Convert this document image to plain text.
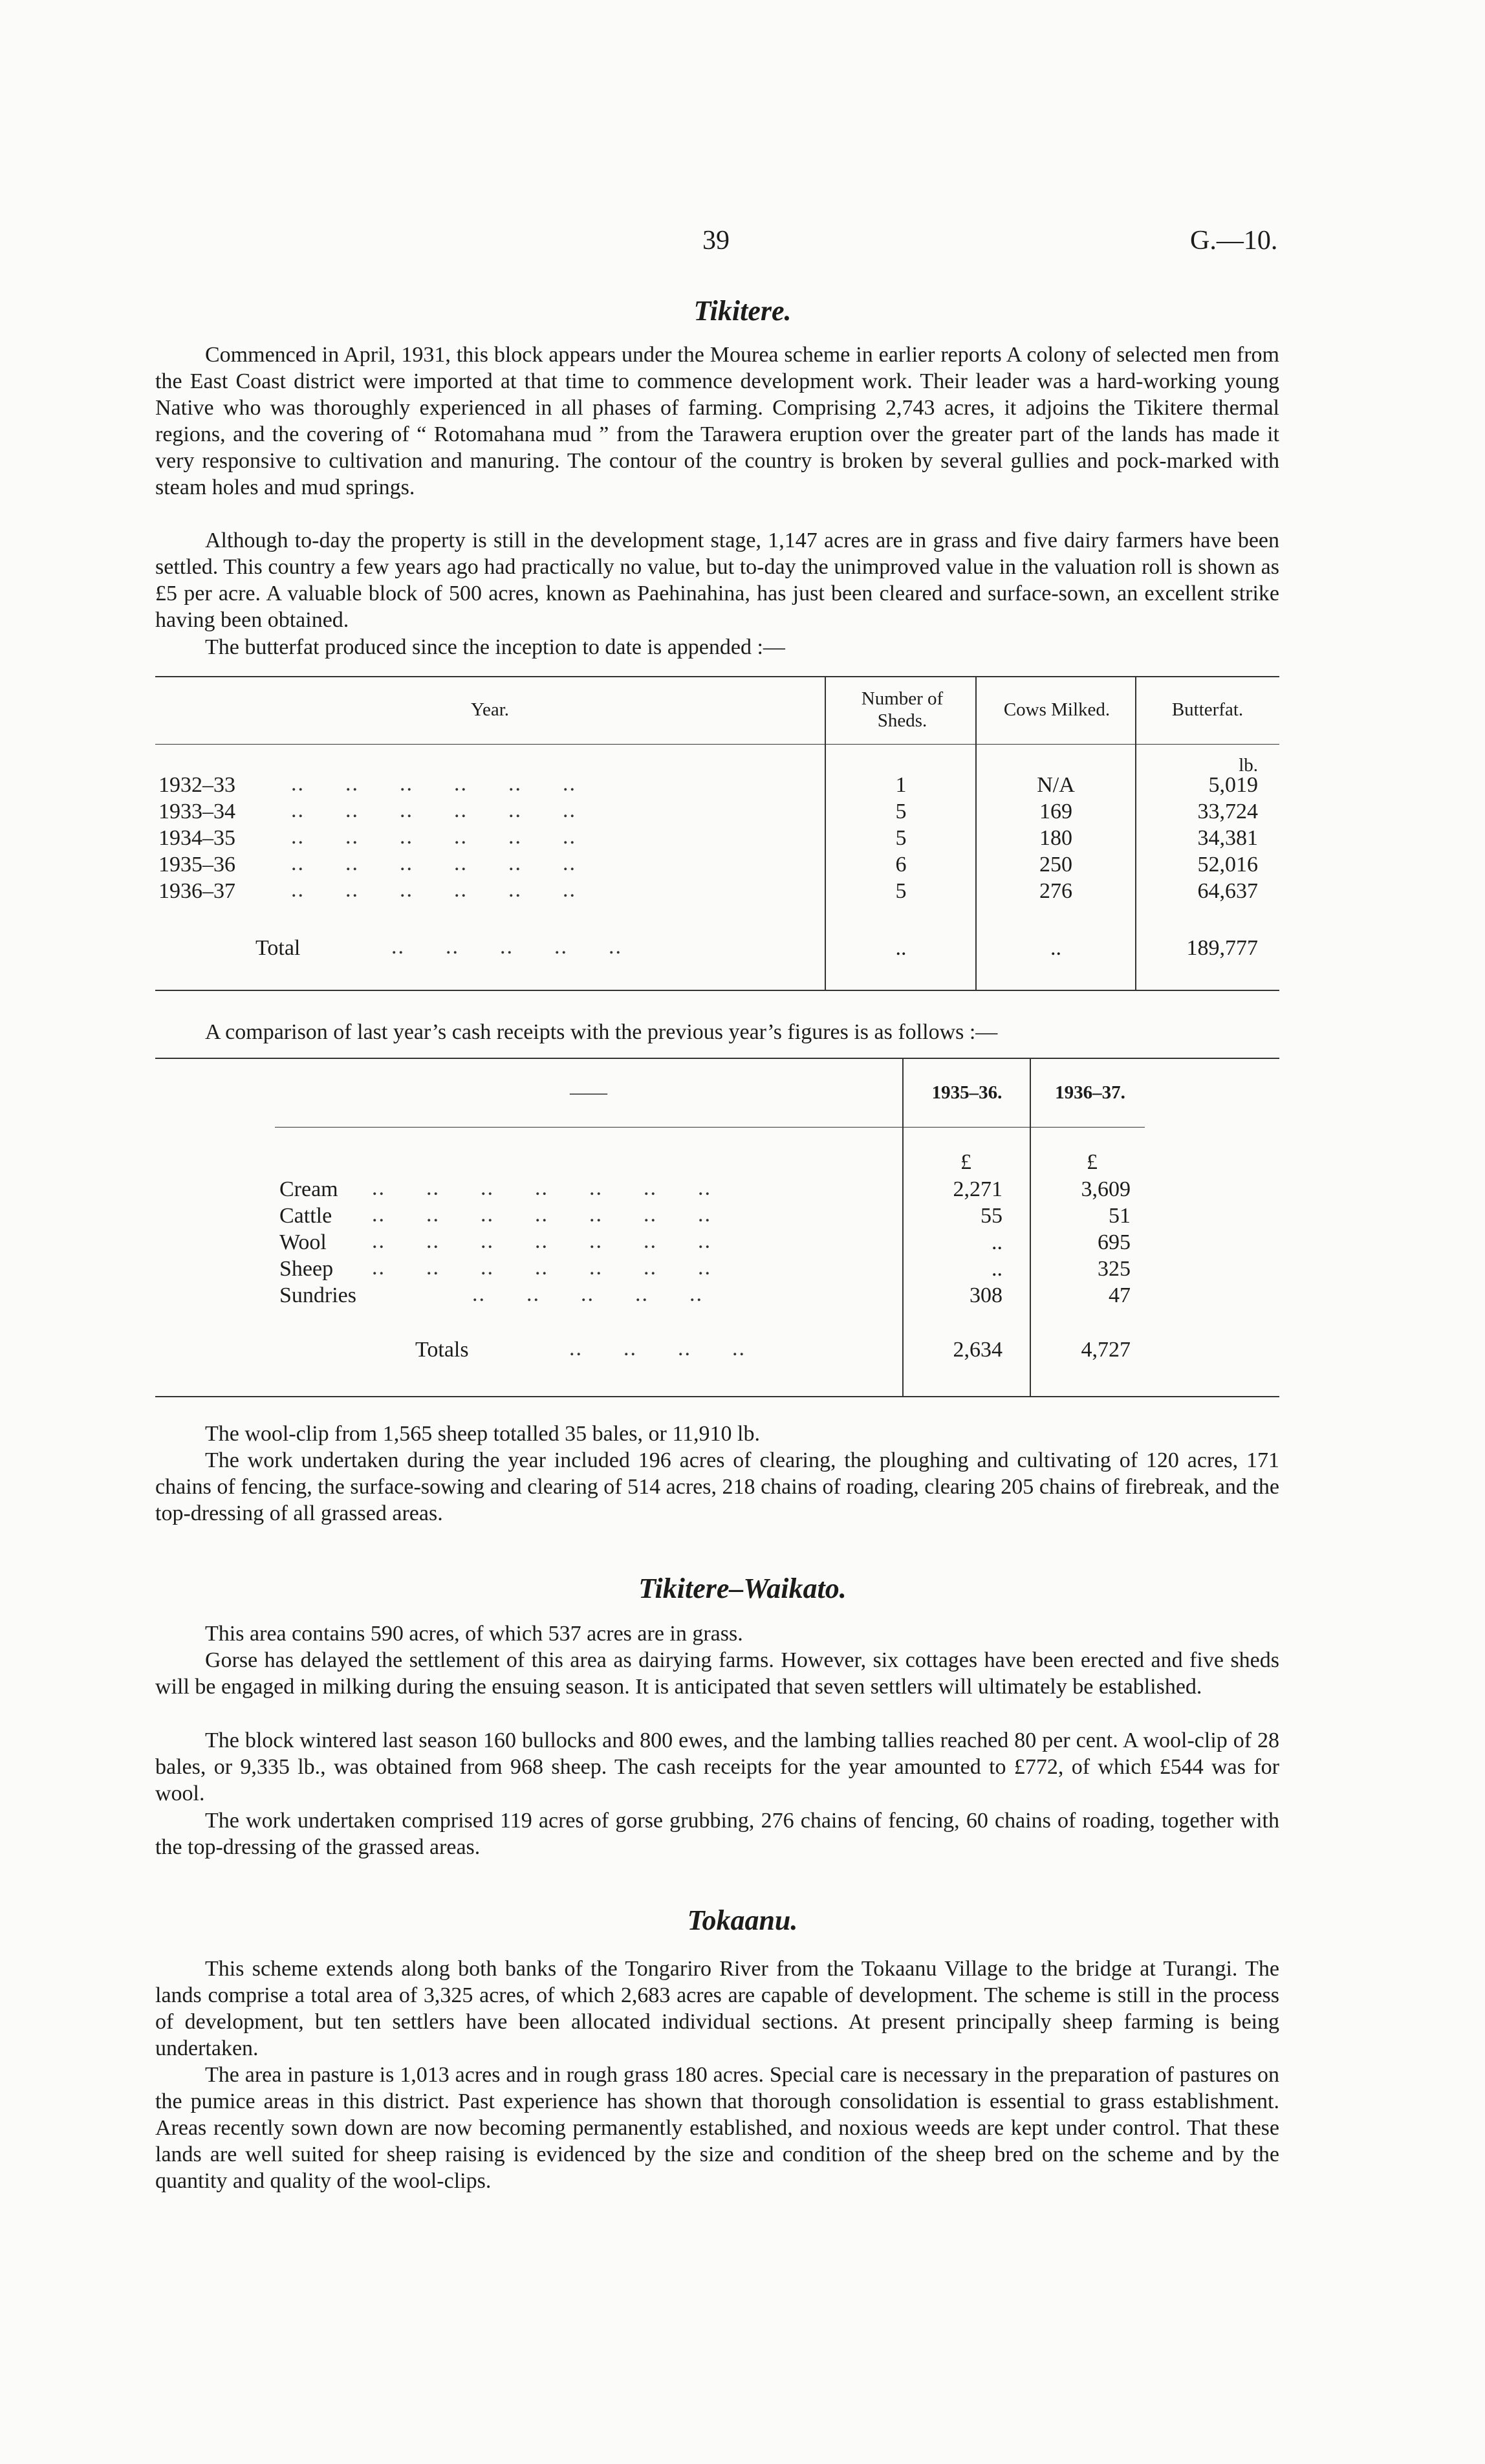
39	G.—10.
Tikitere.

Commenced in April, 1931, this block appears under the Mourea scheme in earlier reports A colony of selected men from the East Coast district were imported at that time to commence development work. Their leader was a hard-working young Native who was thoroughly experienced in all phases of farming. Comprising 2,743 acres, it adjoins the Tikitere thermal regions, and the covering of “ Rotomahana mud ” from the Tarawera eruption over the greater part of the lands has made it very responsive to cultivation and manuring. The contour of the country is broken by several gullies and pock-marked with steam holes and mud springs.

Although to-day the property is still in the development stage, 1,147 acres are in grass and five dairy farmers have been settled. This country a few years ago had practically no value, but to-day the unimproved value in the valuation roll is shown as £5 per acre. A valuable block of 500 acres, known as Paehinahina, has just been cleared and surface-sown, an excellent strike having been obtained.

The butterfat produced since the inception to date is appended :—

Year.
Number of Sheds.
Cows Milked.	Butterfat.
lb.
1932–33	..      ..      ..      ..      ..      ..	1	N/A	5,019
1933–34	..      ..      ..      ..      ..      ..	5	169	33,724
1934–35	..      ..      ..      ..      ..      ..	5	180	34,381
1935–36	..      ..      ..      ..      ..      ..	6	250	52,016
1936–37	..      ..      ..      ..      ..      ..	5	276	64,637
Total	..      ..      ..      ..      ..	..	..	189,777

A comparison of last year’s cash receipts with the previous year’s figures is as follows :—

——	1935–36.	1936–37.
£	£
Cream ..      ..      ..      ..      ..      ..      ..	2,271	3,609
Cattle ..      ..      ..      ..      ..      ..      ..	55	51
Wool ..      ..      ..      ..      ..      ..      ..	..	695
Sheep ..      ..      ..      ..      ..      ..      ..	..	325
Sundries	..      ..      ..      ..      ..	308	47
Totals	..      ..      ..      ..	2,634	4,727

The wool-clip from 1,565 sheep totalled 35 bales, or 11,910 lb.

The work undertaken during the year included 196 acres of clearing, the ploughing and cultivating of 120 acres, 171 chains of fencing, the surface-sowing and clearing of 514 acres, 218 chains of roading, clearing 205 chains of firebreak, and the top-dressing of all grassed areas.

Tikitere–Waikato.

This area contains 590 acres, of which 537 acres are in grass.

Gorse has delayed the settlement of this area as dairying farms. However, six cottages have been erected and five sheds will be engaged in milking during the ensuing season. It is anticipated that seven settlers will ultimately be established.

The block wintered last season 160 bullocks and 800 ewes, and the lambing tallies reached 80 per cent. A wool-clip of 28 bales, or 9,335 lb., was obtained from 968 sheep. The cash receipts for the year amounted to £772, of which £544 was for wool.

The work undertaken comprised 119 acres of gorse grubbing, 276 chains of fencing, 60 chains of roading, together with the top-dressing of the grassed areas.

Tokaanu.

This scheme extends along both banks of the Tongariro River from the Tokaanu Village to the bridge at Turangi. The lands comprise a total area of 3,325 acres, of which 2,683 acres are capable of development. The scheme is still in the process of development, but ten settlers have been allocated individual sections. At present principally sheep farming is being undertaken.

The area in pasture is 1,013 acres and in rough grass 180 acres. Special care is necessary in the preparation of pastures on the pumice areas in this district. Past experience has shown that thorough consolidation is essential to grass establishment. Areas recently sown down are now becoming permanently established, and noxious weeds are kept under control. That these lands are well suited for sheep raising is evidenced by the size and condition of the sheep bred on the scheme and by the quantity and quality of the wool-clips.
